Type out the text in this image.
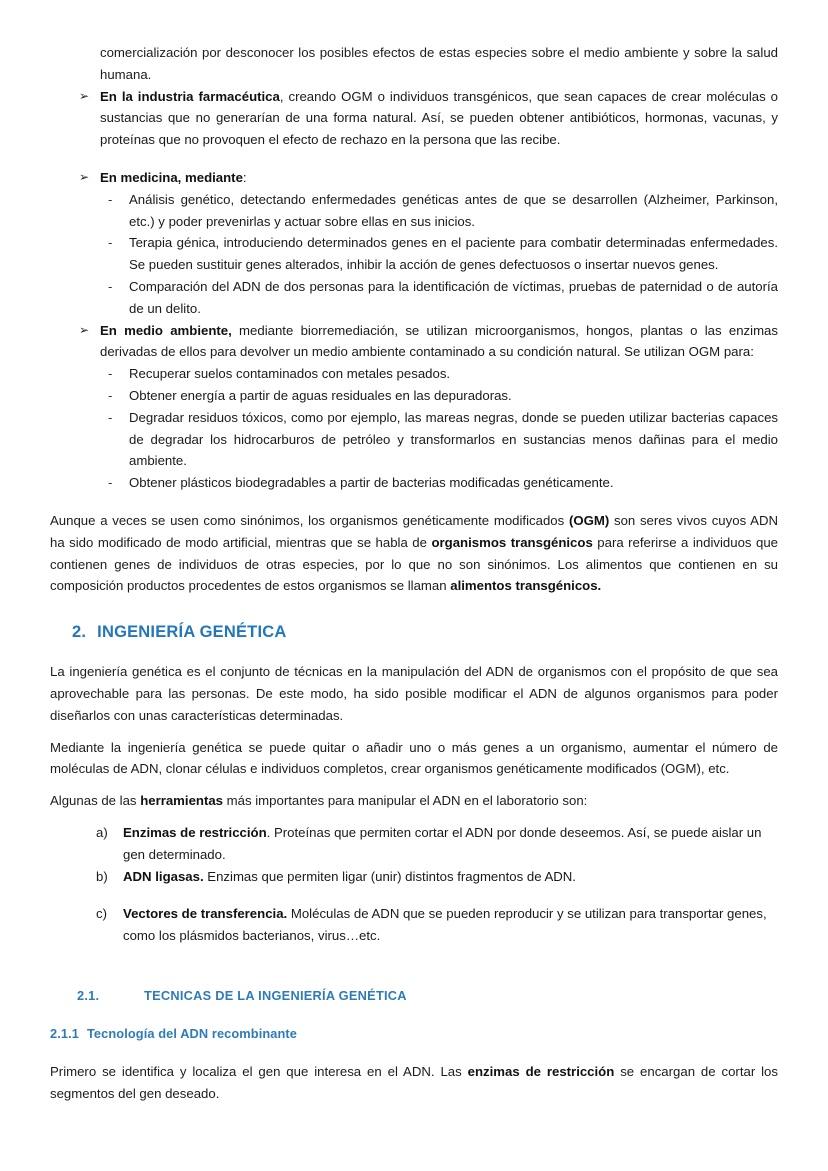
comercialización por desconocer los posibles efectos de estas especies sobre el medio ambiente y sobre la salud humana.

➢ En la industria farmacéutica, creando OGM o individuos transgénicos, que sean capaces de crear moléculas o sustancias que no generarían de una forma natural. Así, se pueden obtener antibióticos, hormonas, vacunas, y proteínas que no provoquen el efecto de rechazo en la persona que las recibe.
➢ En medicina, mediante:
- Análisis genético, detectando enfermedades genéticas antes de que se desarrollen (Alzheimer, Parkinson, etc.) y poder prevenirlas y actuar sobre ellas en sus inicios.
- Terapia génica, introduciendo determinados genes en el paciente para combatir determinadas enfermedades. Se pueden sustituir genes alterados, inhibir la acción de genes defectuosos o insertar nuevos genes.
- Comparación del ADN de dos personas para la identificación de víctimas, pruebas de paternidad o de autoría de un delito.
➢ En medio ambiente, mediante biorremediación, se utilizan microorganismos, hongos, plantas o las enzimas derivadas de ellos para devolver un medio ambiente contaminado a su condición natural. Se utilizan OGM para:
- Recuperar suelos contaminados con metales pesados.
- Obtener energía a partir de aguas residuales en las depuradoras.
- Degradar residuos tóxicos, como por ejemplo, las mareas negras, donde se pueden utilizar bacterias capaces de degradar los hidrocarburos de petróleo y transformarlos en sustancias menos dañinas para el medio ambiente.
- Obtener plásticos biodegradables a partir de bacterias modificadas genéticamente.

Aunque a veces se usen como sinónimos, los organismos genéticamente modificados (OGM) son seres vivos cuyos ADN ha sido modificado de modo artificial, mientras que se habla de organismos transgénicos para referirse a individuos que contienen genes de individuos de otras especies, por lo que no son sinónimos. Los alimentos que contienen en su composición productos procedentes de estos organismos se llaman alimentos transgénicos.

2. INGENIERÍA GENÉTICA

La ingeniería genética es el conjunto de técnicas en la manipulación del ADN de organismos con el propósito de que sea aprovechable para las personas. De este modo, ha sido posible modificar el ADN de algunos organismos para poder diseñarlos con unas características determinadas.

Mediante la ingeniería genética se puede quitar o añadir uno o más genes a un organismo, aumentar el número de moléculas de ADN, clonar células e individuos completos, crear organismos genéticamente modificados (OGM), etc.

Algunas de las herramientas más importantes para manipular el ADN en el laboratorio son:

a) Enzimas de restricción. Proteínas que permiten cortar el ADN por donde deseemos. Así, se puede aislar un gen determinado.
b) ADN ligasas. Enzimas que permiten ligar (unir) distintos fragmentos de ADN.
c) Vectores de transferencia. Moléculas de ADN que se pueden reproducir y se utilizan para transportar genes, como los plásmidos bacterianos, virus…etc.
2.1.	TECNICAS DE LA INGENIERÍA GENÉTICA
2.1.1 Tecnología del ADN recombinante

Primero se identifica y localiza el gen que interesa en el ADN. Las enzimas de restricción se encargan de cortar los segmentos del gen deseado.
